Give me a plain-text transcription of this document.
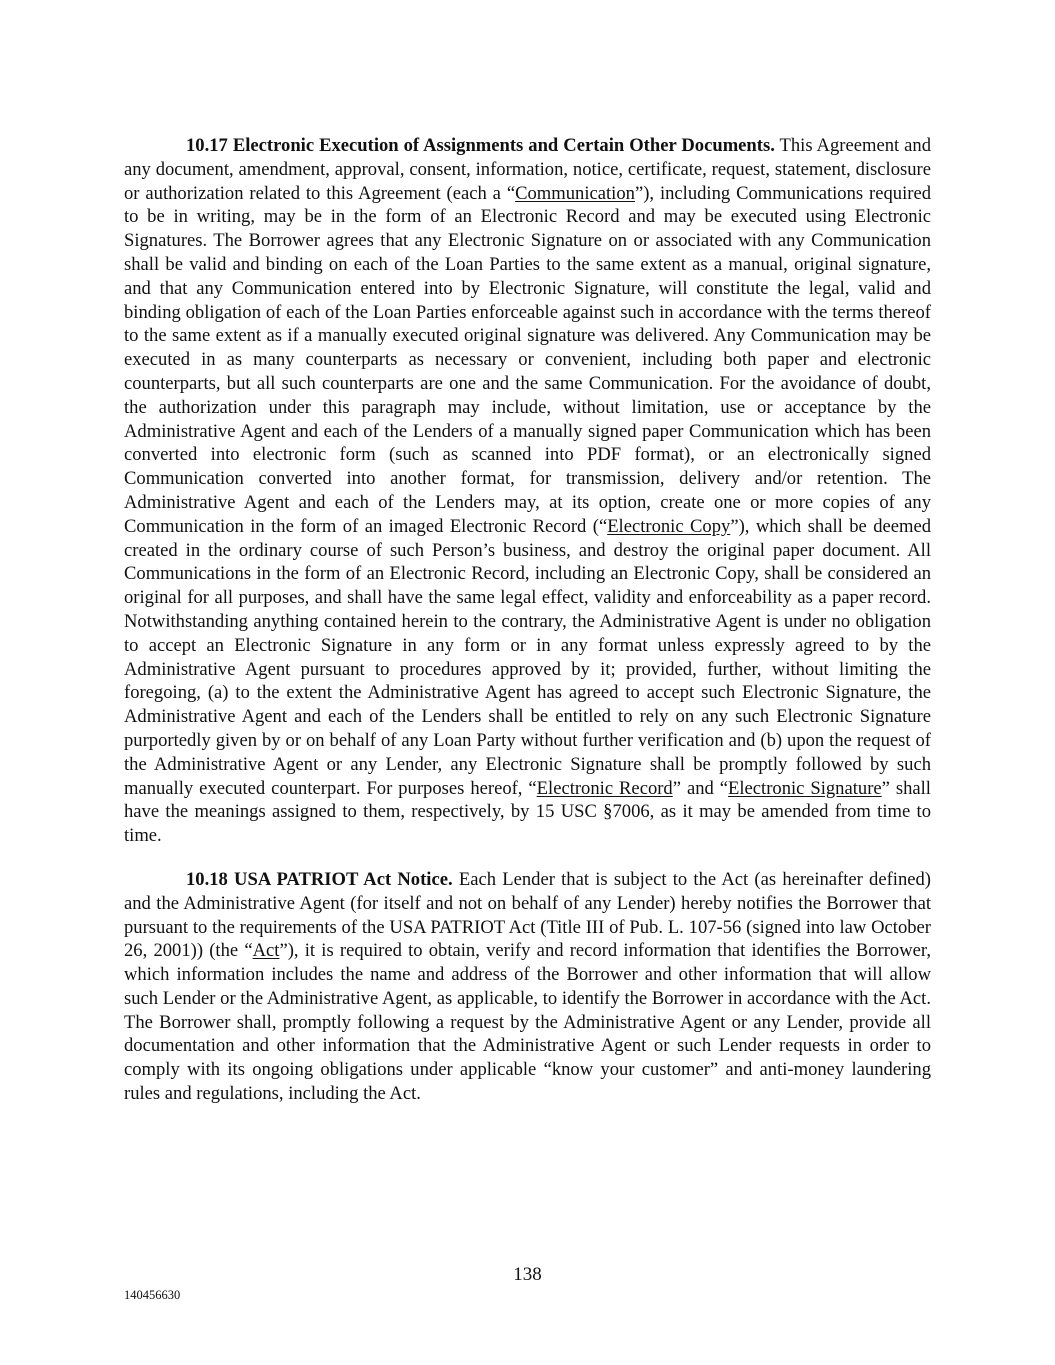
10.17 Electronic Execution of Assignments and Certain Other Documents. This Agreement and any document, amendment, approval, consent, information, notice, certificate, request, statement, disclosure or authorization related to this Agreement (each a “Communication”), including Communications required to be in writing, may be in the form of an Electronic Record and may be executed using Electronic Signatures. The Borrower agrees that any Electronic Signature on or associated with any Communication shall be valid and binding on each of the Loan Parties to the same extent as a manual, original signature, and that any Communication entered into by Electronic Signature, will constitute the legal, valid and binding obligation of each of the Loan Parties enforceable against such in accordance with the terms thereof to the same extent as if a manually executed original signature was delivered. Any Communication may be executed in as many counterparts as necessary or convenient, including both paper and electronic counterparts, but all such counterparts are one and the same Communication. For the avoidance of doubt, the authorization under this paragraph may include, without limitation, use or acceptance by the Administrative Agent and each of the Lenders of a manually signed paper Communication which has been converted into electronic form (such as scanned into PDF format), or an electronically signed Communication converted into another format, for transmission, delivery and/or retention. The Administrative Agent and each of the Lenders may, at its option, create one or more copies of any Communication in the form of an imaged Electronic Record (“Electronic Copy”), which shall be deemed created in the ordinary course of such Person’s business, and destroy the original paper document. All Communications in the form of an Electronic Record, including an Electronic Copy, shall be considered an original for all purposes, and shall have the same legal effect, validity and enforceability as a paper record. Notwithstanding anything contained herein to the contrary, the Administrative Agent is under no obligation to accept an Electronic Signature in any form or in any format unless expressly agreed to by the Administrative Agent pursuant to procedures approved by it; provided, further, without limiting the foregoing, (a) to the extent the Administrative Agent has agreed to accept such Electronic Signature, the Administrative Agent and each of the Lenders shall be entitled to rely on any such Electronic Signature purportedly given by or on behalf of any Loan Party without further verification and (b) upon the request of the Administrative Agent or any Lender, any Electronic Signature shall be promptly followed by such manually executed counterpart. For purposes hereof, “Electronic Record” and “Electronic Signature” shall have the meanings assigned to them, respectively, by 15 USC §7006, as it may be amended from time to time.

10.18 USA PATRIOT Act Notice. Each Lender that is subject to the Act (as hereinafter defined) and the Administrative Agent (for itself and not on behalf of any Lender) hereby notifies the Borrower that pursuant to the requirements of the USA PATRIOT Act (Title III of Pub. L. 107-56 (signed into law October 26, 2001)) (the “Act”), it is required to obtain, verify and record information that identifies the Borrower, which information includes the name and address of the Borrower and other information that will allow such Lender or the Administrative Agent, as applicable, to identify the Borrower in accordance with the Act. The Borrower shall, promptly following a request by the Administrative Agent or any Lender, provide all documentation and other information that the Administrative Agent or such Lender requests in order to comply with its ongoing obligations under applicable “know your customer” and anti-money laundering rules and regulations, including the Act.

138
140456630
